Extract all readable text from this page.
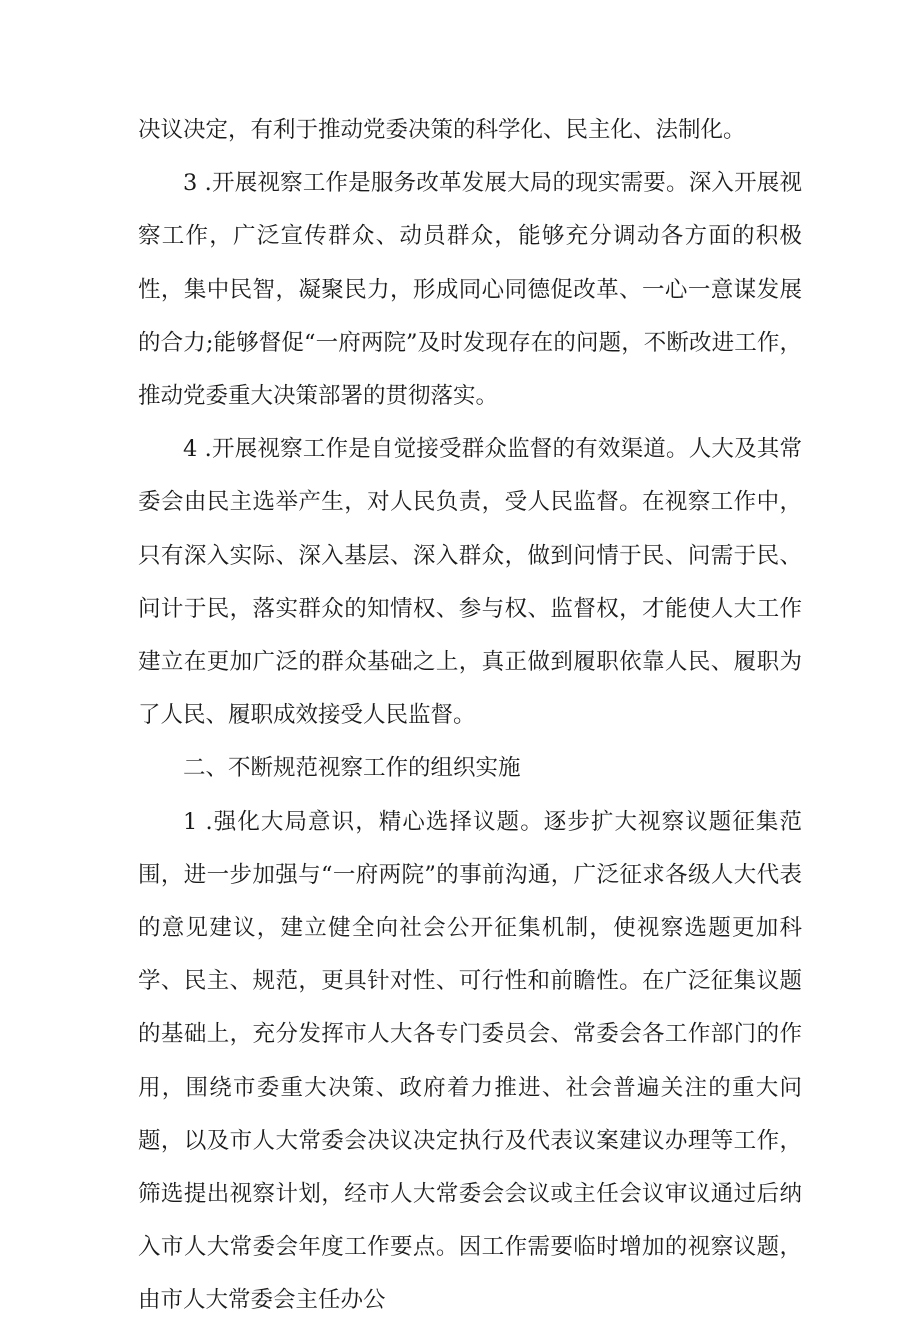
决议决定，有利于推动党委决策的科学化、民主化、法制化。

3 .开展视察工作是服务改革发展大局的现实需要。深入开展视察工作，广泛宣传群众、动员群众，能够充分调动各方面的积极性，集中民智，凝聚民力，形成同心同德促改革、一心一意谋发展的合力;能够督促“一府两院”及时发现存在的问题，不断改进工作，推动党委重大决策部署的贯彻落实。

4 .开展视察工作是自觉接受群众监督的有效渠道。人大及其常委会由民主选举产生，对人民负责，受人民监督。在视察工作中，只有深入实际、深入基层、深入群众，做到问情于民、问需于民、问计于民，落实群众的知情权、参与权、监督权，才能使人大工作建立在更加广泛的群众基础之上，真正做到履职依靠人民、履职为了人民、履职成效接受人民监督。

二、不断规范视察工作的组织实施

1 .强化大局意识，精心选择议题。逐步扩大视察议题征集范围，进一步加强与“一府两院”的事前沟通，广泛征求各级人大代表的意见建议，建立健全向社会公开征集机制，使视察选题更加科学、民主、规范，更具针对性、可行性和前瞻性。在广泛征集议题的基础上，充分发挥市人大各专门委员会、常委会各工作部门的作用，围绕市委重大决策、政府着力推进、社会普遍关注的重大问题，以及市人大常委会决议决定执行及代表议案建议办理等工作，筛选提出视察计划，经市人大常委会会议或主任会议审议通过后纳入市人大常委会年度工作要点。因工作需要临时增加的视察议题，由市人大常委会主任办公
